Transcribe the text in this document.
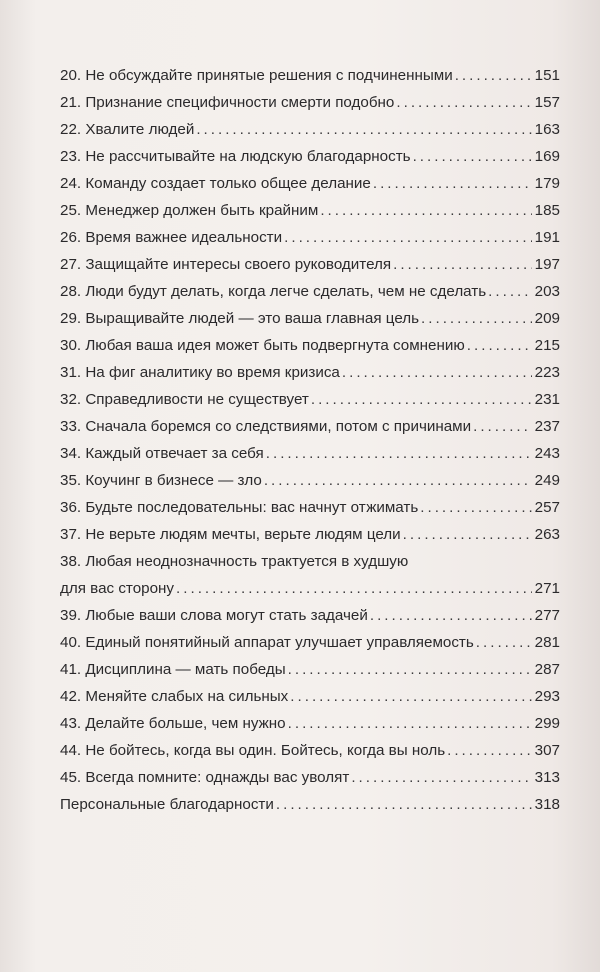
20. Не обсуждайте принятые решения с подчиненными .....	151
21. Признание специфичности смерти подобно .....	157
22. Хвалите людей .....	163
23. Не рассчитывайте на людскую благодарность .....	169
24. Команду создает только общее делание .....	179
25. Менеджер должен быть крайним .....	185
26. Время важнее идеальности .....	191
27. Защищайте интересы своего руководителя .....	197
28. Люди будут делать, когда легче сделать, чем не сделать .....	203
29. Выращивайте людей — это ваша главная цель .....	209
30. Любая ваша идея может быть подвергнута сомнению .....	215
31. На фиг аналитику во время кризиса .....	223
32. Справедливости не существует .....	231
33. Сначала боремся со следствиями, потом с причинами .....	237
34. Каждый отвечает за себя .....	243
35. Коучинг в бизнесе — зло .....	249
36. Будьте последовательны: вас начнут отжимать .....	257
37. Не верьте людям мечты, верьте людям цели .....	263
38. Любая неоднозначность трактуется в худшую
для вас сторону .....	271
39. Любые ваши слова могут стать задачей .....	277
40. Единый понятийный аппарат улучшает управляемость .....	281
41. Дисциплина — мать победы .....	287
42. Меняйте слабых на сильных .....	293
43. Делайте больше, чем нужно .....	299
44. Не бойтесь, когда вы один. Бойтесь, когда вы ноль .....	307
45. Всегда помните: однажды вас уволят .....	313
Персональные благодарности .....	318
